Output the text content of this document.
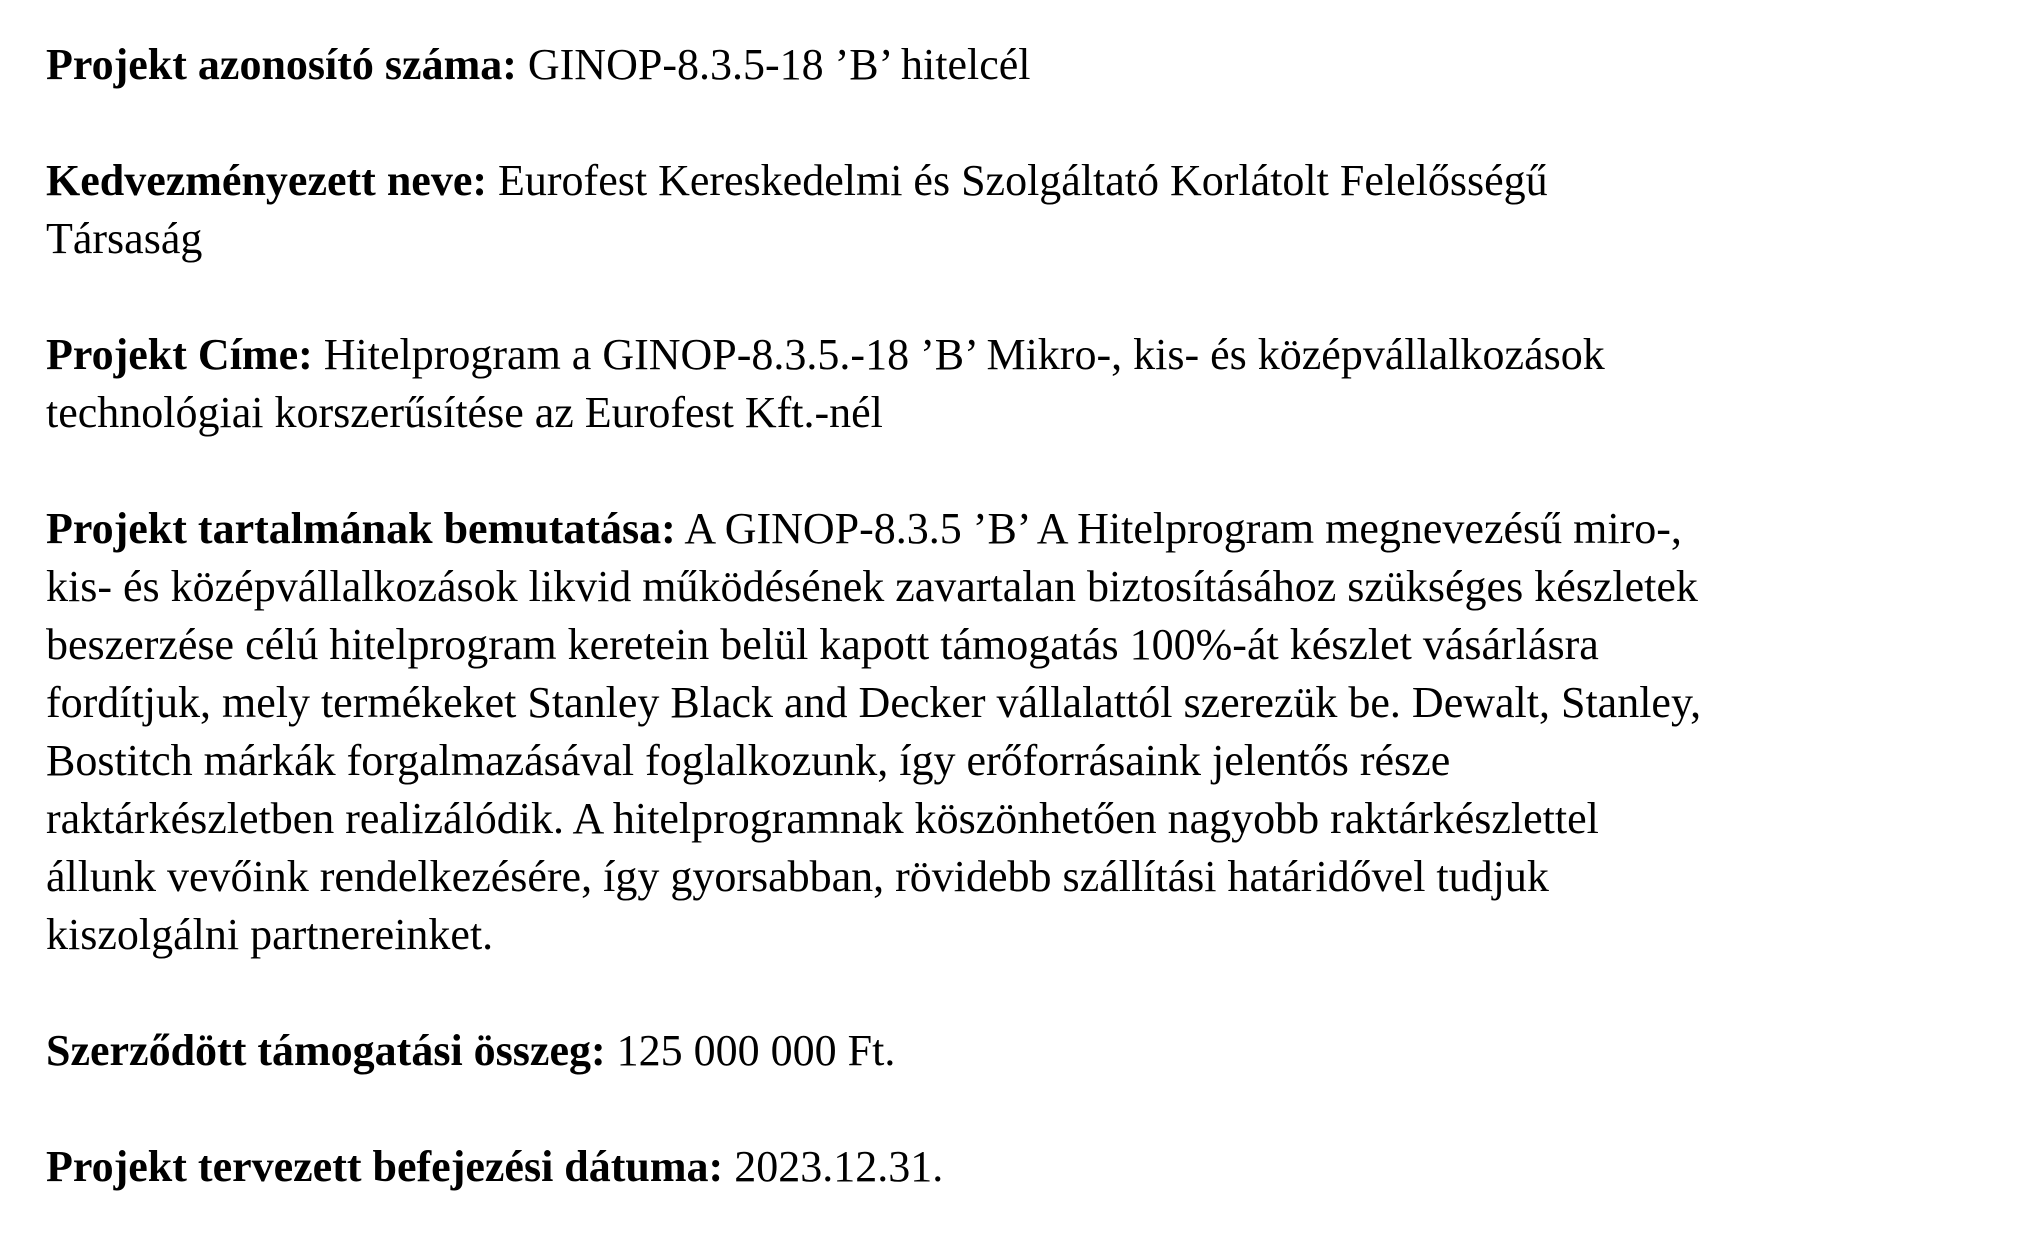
Projekt azonosító száma: GINOP-8.3.5-18 ’B’ hitelcél

Kedvezményezett neve: Eurofest Kereskedelmi és Szolgáltató Korlátolt Felelősségű
Társaság

Projekt Címe: Hitelprogram a GINOP-8.3.5.-18 ’B’ Mikro-, kis- és középvállalkozások
technológiai korszerűsítése az Eurofest Kft.-nél

Projekt tartalmának bemutatása: A GINOP-8.3.5 ’B’ A Hitelprogram megnevezésű miro-,
kis- és középvállalkozások likvid működésének zavartalan biztosításához szükséges készletek
beszerzése célú hitelprogram keretein belül kapott támogatás 100%-át készlet vásárlásra
fordítjuk, mely termékeket Stanley Black and Decker vállalattól szerezük be. Dewalt, Stanley,
Bostitch márkák forgalmazásával foglalkozunk, így erőforrásaink jelentős része
raktárkészletben realizálódik. A hitelprogramnak köszönhetően nagyobb raktárkészlettel
állunk vevőink rendelkezésére, így gyorsabban, rövidebb szállítási határidővel tudjuk
kiszolgálni partnereinket.

Szerződött támogatási összeg: 125 000 000 Ft.

Projekt tervezett befejezési dátuma: 2023.12.31.
